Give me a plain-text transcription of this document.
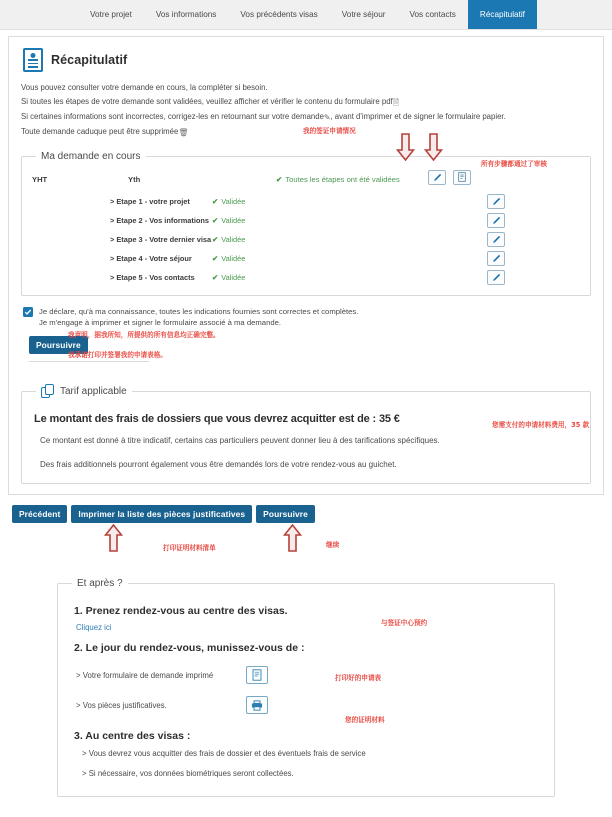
Votre projet	Vos informations	Vos précédents visas	Votre séjour	Vos contacts	Récapitulatif
Récapitulatif

Vous pouvez consulter votre demande en cours, la compléter si besoin.

Si toutes les étapes de votre demande sont validées, veuillez afficher et vérifier le contenu du formulaire pdf🗎

Si certaines informations sont incorrectes, corrigez-les en retournant sur votre demande✎, avant d'imprimer et de signer le formulaire papier.

Toute demande caduque peut être supprimée🗑

Ma demande en cours
YHT	Yth	✔ Toutes les étapes ont été validées
> Etape 1 - votre projet	✔ Validée
> Etape 2 - Vos informations ✔ Validée
> Etape 3 - Votre dernier visa ✔ Validée
> Etape 4 - Votre séjour	✔ Validée
> Etape 5 - Vos contacts	✔ Validée

Je déclare, qu'à ma connaissance, toutes les indications fournies sont correctes et complètes.

Je m'engage à imprimer et signer le formulaire associé à ma demande.

Poursuivre
Tarif applicable
Le montant des frais de dossiers que vous devrez acquitter est de : 35 €

Ce montant est donné à titre indicatif, certains cas particuliers peuvent donner lieu à des tarifications spécifiques.

Des frais additionnels pourront également vous être demandés lors de votre rendez-vous au guichet.

Précédent	Imprimer la liste des pièces justificatives	Poursuivre
Et après ?
1. Prenez rendez-vous au centre des visas.
Cliquez ici
2. Le jour du rendez-vous, munissez-vous de :
> Votre formulaire de demande imprimé
> Vos pièces justificatives.
3. Au centre des visas :

> Vous devrez vous acquitter des frais de dossier et des éventuels frais de service

> Si nécessaire, vos données biométriques seront collectées.

我的签证申请情况
所有步骤都通过了审核
我声明，据我所知，所提供的所有信息均正确完整。
我承诺打印并签署我的申请表格。
您需支付的申请材料费用，35 款
打印证明材料清单	继续
与签证中心预约
打印好的申请表
您的证明材料
